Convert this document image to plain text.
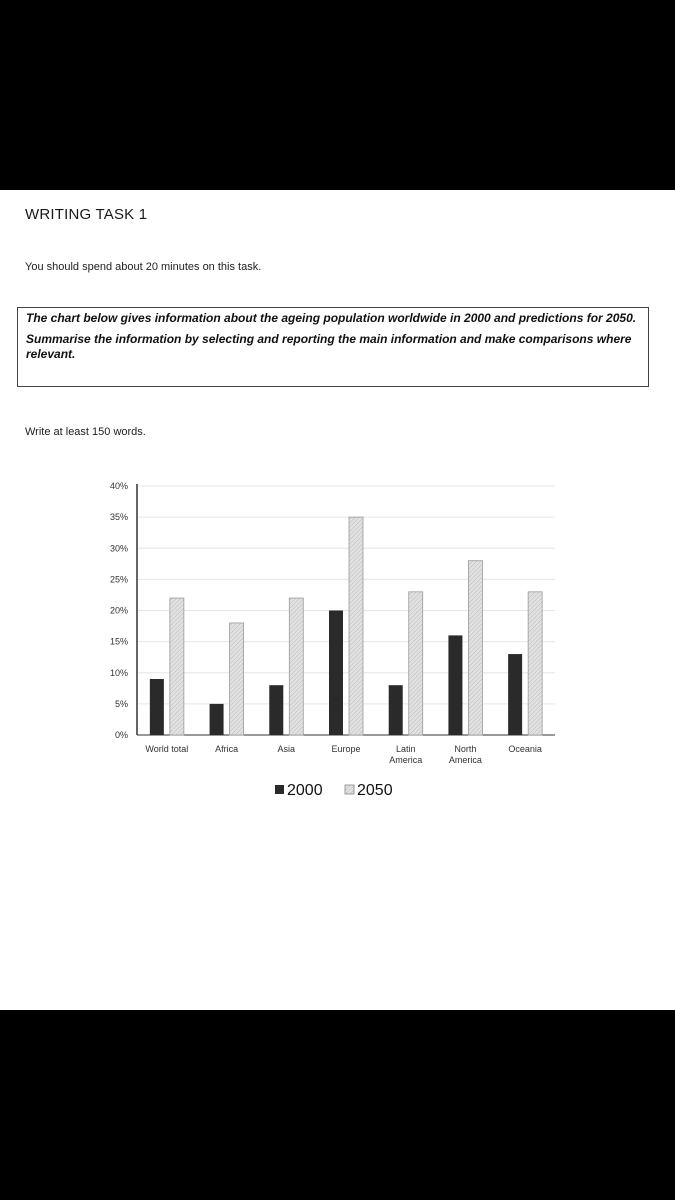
WRITING TASK 1
You should spend about 20 minutes on this task.

The chart below gives information about the ageing population worldwide in 2000 and predictions for 2050.

Summarise the information by selecting and reporting the main information and make comparisons where relevant.

Write at least 150 words.
0%
5%
10%
15%
20%
25%
30%
35%
40%
World total	Africa	Asia	Europe	Latin
America
North
America
Oceania
2000 2050
